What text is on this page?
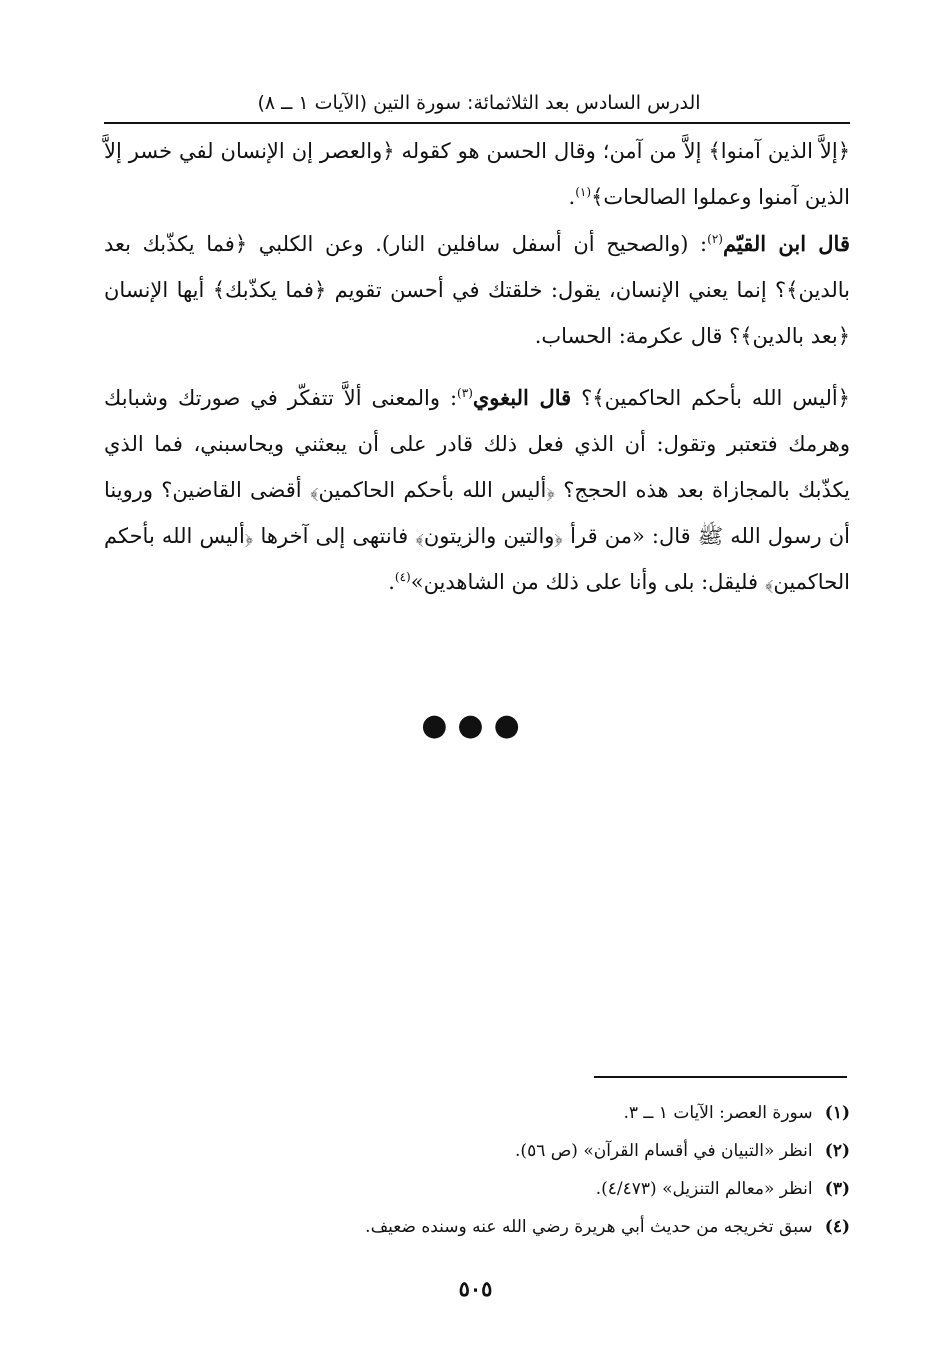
الدرس السادس بعد الثلاثمائة: سورة التين (الآيات ١ ــ ٨)

﴿إلاَّ الذين آمنوا﴾ إلاَّ من آمن؛ وقال الحسن هو كقوله ﴿والعصر إن الإنسان لفي خسر إلاَّ الذين آمنوا وعملوا الصالحات﴾$^{(١)}$.

قال ابن القيّم$^{(٢)}$: (والصحيح أن أسفل سافلين النار). وعن الكلبي ﴿فما يكذّبك بعد بالدين﴾؟ إنما يعني الإنسان، يقول: خلقتك في أحسن تقويم ﴿فما يكذّبك﴾ أيها الإنسان ﴿بعد بالدين﴾؟ قال عكرمة: الحساب.

﴿أليس الله بأحكم الحاكمين﴾؟ قال البغوي$^{(٣)}$: والمعنى ألاَّ تتفكّر في صورتك وشبابك وهرمك فتعتبر وتقول: أن الذي فعل ذلك قادر على أن يبعثني ويحاسبني، فما الذي يكذّبك بالمجازاة بعد هذه الحجج؟ ﴿أليس الله بأحكم الحاكمين﴾ أقضى القاضين؟ وروينا أن رسول الله ﷺ قال: «من قرأ ﴿والتين والزيتون﴾ فانتهى إلى آخرها ﴿أليس الله بأحكم الحاكمين﴾ فليقل: بلى وأنا على ذلك من الشاهدين»$^{(٤)}$.

●●●
(١) سورة العصر: الآيات ١ ــ ٣.
(٢) انظر «التبيان في أقسام القرآن» (ص ٥٦).
(٣) انظر «معالم التنزيل» (٤/٤٧٣).
(٤) سبق تخريجه من حديث أبي هريرة رضي الله عنه وسنده ضعيف.
٥٠٥
